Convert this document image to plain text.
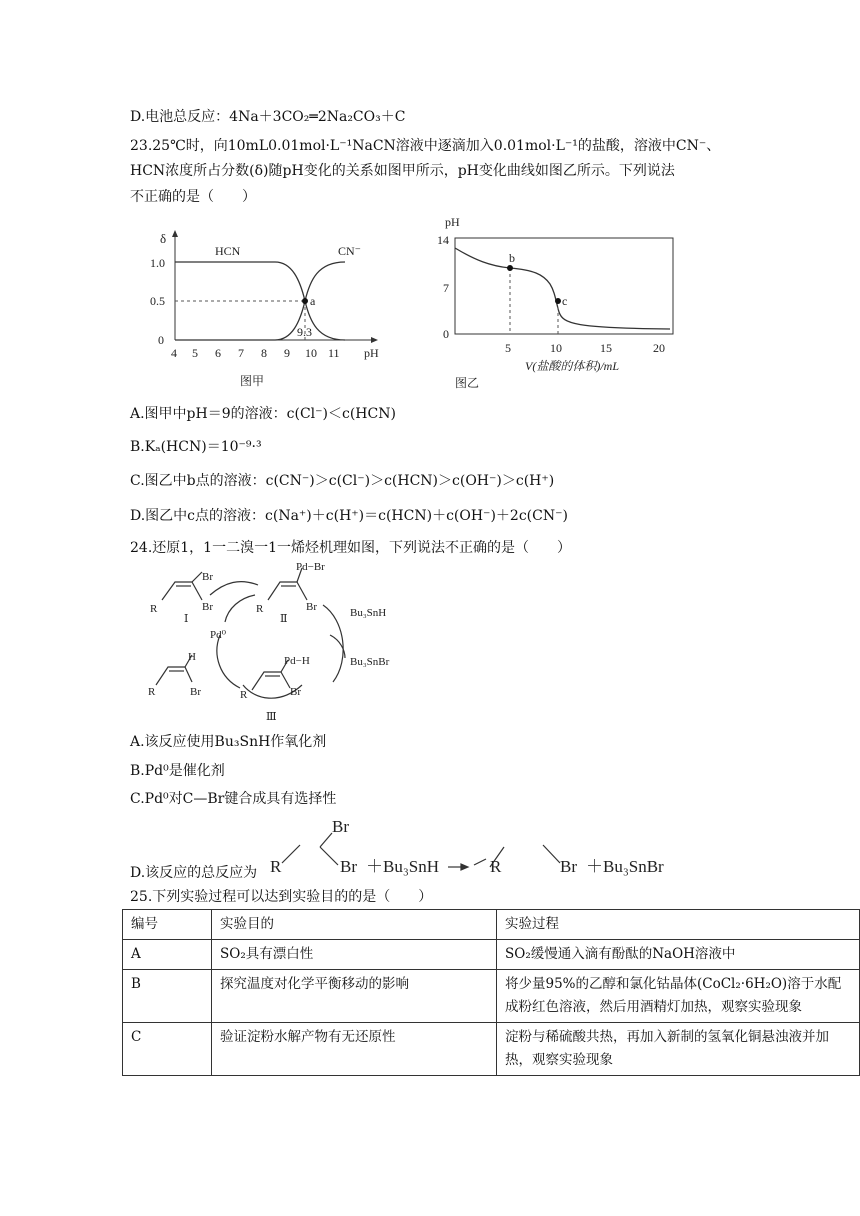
D.电池总反应：4Na＋3CO₂═2Na₂CO₃＋C
23.25℃时，向10mL0.01mol·L⁻¹NaCN溶液中逐滴加入0.01mol·L⁻¹的盐酸，溶液中CN⁻、
HCN浓度所占分数(δ)随pH变化的关系如图甲所示，pH变化曲线如图乙所示。下列说法
不正确的是（　　）
δ
pH
0
0.5
1.0
a
9.3
HCN	CN⁻
4 5 6 7 8 9 10 11
图甲
pH
14
7
0
b
c
5	10	15	20
V(盐酸的体积)/mL
图乙
A.图甲中pH＝9的溶液：c(Cl⁻)＜c(HCN)
B.Kₐ(HCN)＝10⁻⁹·³
C.图乙中b点的溶液：c(CN⁻)＞c(Cl⁻)＞c(HCN)＞c(OH⁻)＞c(H⁺)
D.图乙中c点的溶液：c(Na⁺)＋c(H⁺)＝c(HCN)＋c(OH⁻)＋2c(CN⁻)
24.还原1，1一二溴一1一烯烃机理如图，下列说法不正确的是（　　）
R
Br
Br
Ⅰ
R
Pd−Br
Br
Ⅱ	Bu₃SnH
Bu₃SnBr
Pd⁰
H
R	Br
Pd−H
R	Br
Ⅲ
A.该反应使用Bu₃SnH作氧化剂
B.Pd⁰是催化剂
C.Pd⁰对C—Br键合成具有选择性
D.该反应的总反应为 R
Br
Br ＋Bu₃SnH	R	Br ＋Bu₃SnBr
25.下列实验过程可以达到实验目的的是（　　）
编号	实验目的	实验过程
A	SO₂具有漂白性	SO₂缓慢通入滴有酚酞的NaOH溶液中
B	探究温度对化学平衡移动的影响	将少量95%的乙醇和氯化钴晶体(CoCl₂·6H₂O)溶于水配成粉红色溶液，然后用酒精灯加热，观察实验现象
C	验证淀粉水解产物有无还原性	淀粉与稀硫酸共热，再加入新制的氢氧化铜悬浊液并加热，观察实验现象
